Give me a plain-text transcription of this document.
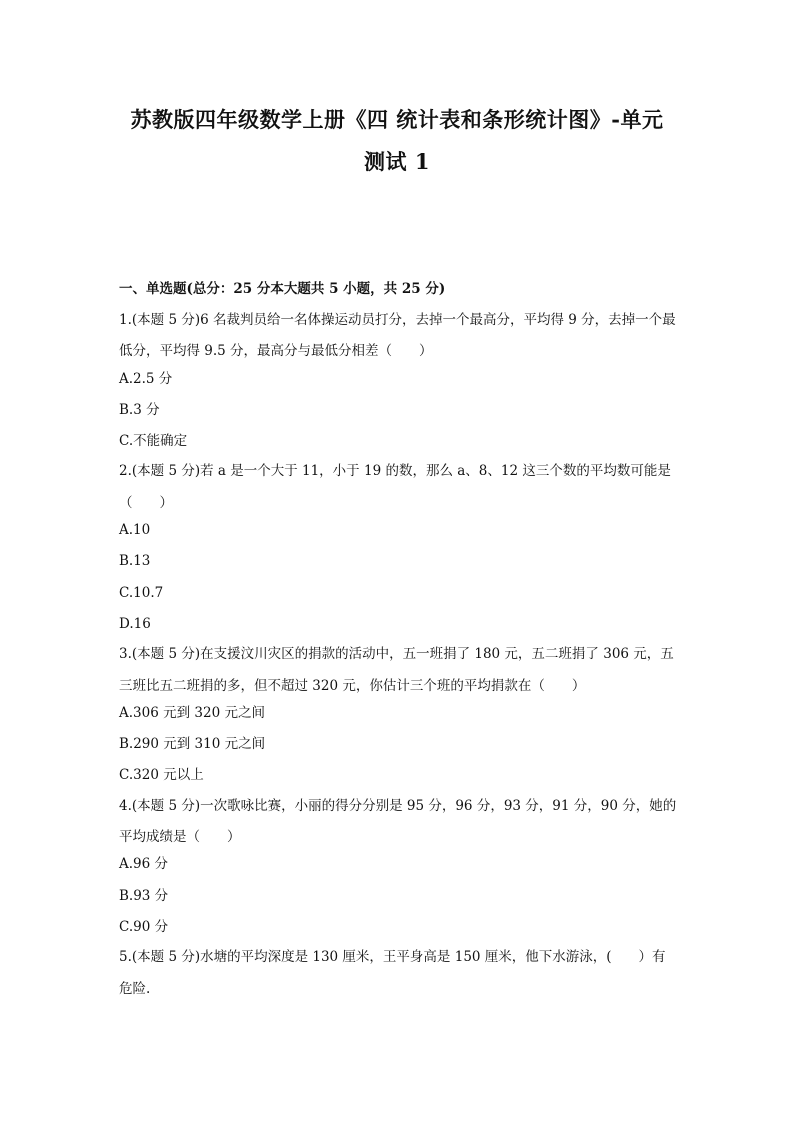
苏教版四年级数学上册《四 统计表和条形统计图》-单元
测试 1
一、单选题(总分：25 分本大题共 5 小题，共 25 分)
1.(本题 5 分)6 名裁判员给一名体操运动员打分，去掉一个最高分，平均得 9 分，去掉一个最低分，平均得 9.5 分，最高分与最低分相差（　　）
A.2.5 分
B.3 分
C.不能确定
2.(本题 5 分)若 a 是一个大于 11，小于 19 的数，那么 a、8、12 这三个数的平均数可能是（　　）
A.10
B.13
C.10.7
D.16
3.(本题 5 分)在支援汶川灾区的捐款的活动中，五一班捐了 180 元，五二班捐了 306 元，五三班比五二班捐的多，但不超过 320 元，你估计三个班的平均捐款在（　　）
A.306 元到 320 元之间
B.290 元到 310 元之间
C.320 元以上
4.(本题 5 分)一次歌咏比赛，小丽的得分分别是 95 分，96 分，93 分，91 分，90 分，她的平均成绩是（　　）
A.96 分
B.93 分
C.90 分
5.(本题 5 分)水塘的平均深度是 130 厘米，王平身高是 150 厘米，他下水游泳，(　　）有危险.
